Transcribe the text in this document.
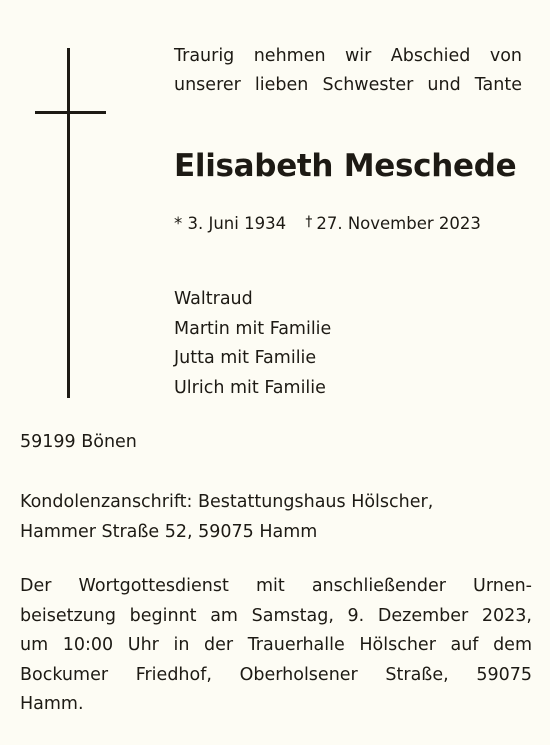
Traurig nehmen wir Abschied von
unserer lieben Schwester und Tante
Elisabeth Meschede
* 3. Juni 1934 † 27. November 2023
Waltraud
Martin mit Familie
Jutta mit Familie
Ulrich mit Familie
59199 Bönen
Kondolenzanschrift: Bestattungshaus Hölscher,
Hammer Straße 52, 59075 Hamm
Der Wortgottesdienst mit anschließender Urnen-
beisetzung beginnt am Samstag, 9. Dezember 2023,
um 10:00 Uhr in der Trauerhalle Hölscher auf dem
Bockumer Friedhof, Oberholsener Straße, 59075
Hamm.
